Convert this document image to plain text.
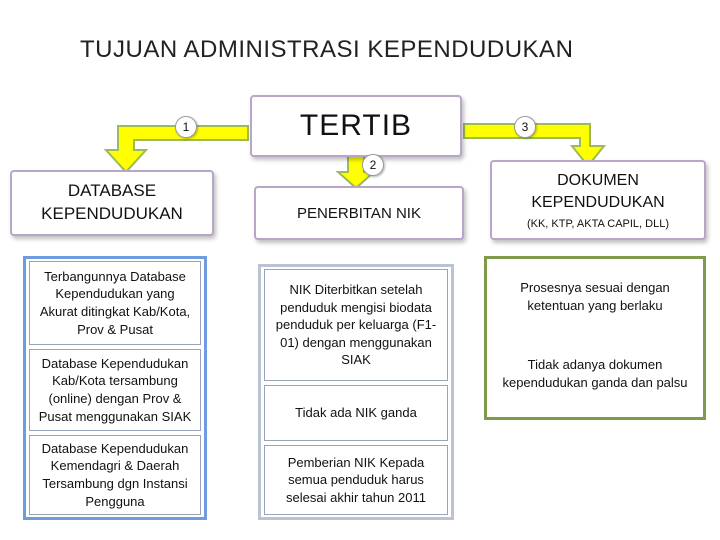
TUJUAN ADMINISTRASI KEPENDUDUKAN
TERTIB
1
2
3
DATABASE KEPENDUDUKAN	PENERBITAN NIK
DOKUMEN KEPENDUDUKAN
(KK, KTP, AKTA CAPIL, DLL)
Terbangunnya Database Kependudukan yang Akurat ditingkat Kab/Kota, Prov & Pusat
Database Kependudukan Kab/Kota tersambung (online) dengan Prov & Pusat menggunakan SIAK
Database Kependudukan Kemendagri & Daerah Tersambung dgn Instansi Pengguna
NIK Diterbitkan setelah penduduk mengisi biodata penduduk per keluarga (F1-01) dengan menggunakan SIAK
Tidak ada NIK ganda
Pemberian NIK Kepada semua penduduk harus selesai akhir tahun 2011
Prosesnya sesuai dengan ketentuan yang berlaku
Tidak adanya dokumen kependudukan ganda dan palsu
